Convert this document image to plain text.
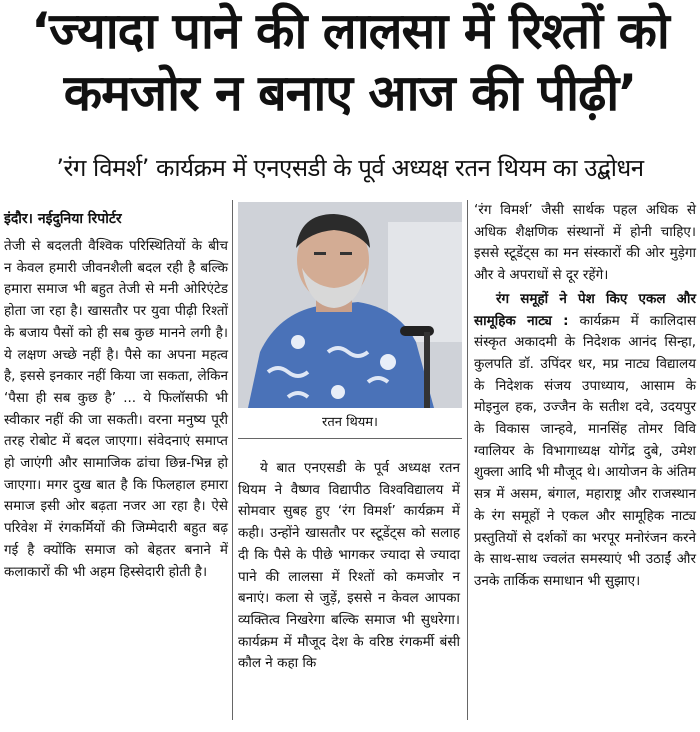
‘ज्यादा पाने की लालसा में रिश्तों को
कमजोर न बनाए आज की पीढ़ी’
’रंग विमर्श’ कार्यक्रम में एनएसडी के पूर्व अध्यक्ष रतन थियम का उद्बोधन
इंदौर। नईदुनिया रिपोर्टर

तेजी से बदलती वैश्विक परिस्थितियों के बीच न केवल हमारी जीवनशैली बदल रही है बल्कि हमारा समाज भी बहुत तेजी से मनी ओरिएंटेड होता जा रहा है। खासतौर पर युवा पीढ़ी रिश्तों के बजाय पैसों को ही सब कुछ मानने लगी है। ये लक्षण अच्छे नहीं है। पैसे का अपना महत्व है, इससे इनकार नहीं किया जा सकता, लेकिन ‘पैसा ही सब कुछ है’ ... ये फिलॉसफी भी स्वीकार नहीं की जा सकती। वरना मनुष्य पूरी तरह रोबोट में बदल जाएगा। संवेदनाएं समाप्त हो जाएंगी और सामाजिक ढांचा छिन्न-भिन्न हो जाएगा। मगर दुख बात है कि फिलहाल हमारा समाज इसी ओर बढ़ता नजर आ रहा है। ऐसे परिवेश में रंगकर्मियों की जिम्मेदारी बहुत बढ़ गई है क्योंकि समाज को बेहतर बनाने में कलाकारों की भी अहम हिस्सेदारी होती है।

रतन थियम।

ये बात एनएसडी के पूर्व अध्यक्ष रतन थियम ने वैष्णव विद्यापीठ विश्वविद्यालय में सोमवार सुबह हुए ‘रंग विमर्श’ कार्यक्रम में कही। उन्होंने खासतौर पर स्टूडेंट्स को सलाह दी कि पैसे के पीछे भागकर ज्यादा से ज्यादा पाने की लालसा में रिश्तों को कमजोर न बनाएं। कला से जुड़ें, इससे न केवल आपका व्यक्तित्व निखरेगा बल्कि समाज भी सुधरेगा। कार्यक्रम में मौजूद देश के वरिष्ठ रंगकर्मी बंसी कौल ने कहा कि

‘रंग विमर्श’ जैसी सार्थक पहल अधिक से अधिक शैक्षणिक संस्थानों में होनी चाहिए। इससे स्टूडेंट्स का मन संस्कारों की ओर मुड़ेगा और वे अपराधों से दूर रहेंगे।

रंग समूहों ने पेश किए एकल और सामूहिक नाट्य : कार्यक्रम में कालिदास संस्कृत अकादमी के निदेशक आनंद सिन्हा, कुलपति डॉ. उपिंदर धर, मप्र नाट्य विद्यालय के निदेशक संजय उपाध्याय, आसाम के मोइनुल हक, उज्जैन के सतीश दवे, उदयपुर के विकास जान्हवे, मानसिंह तोमर विवि ग्वालियर के विभागाध्यक्ष योगेंद्र दुबे, उमेश शुक्ला आदि भी मौजूद थे। आयोजन के अंतिम सत्र में असम, बंगाल, महाराष्ट्र और राजस्थान के रंग समूहों ने एकल और सामूहिक नाट्य प्रस्तुतियों से दर्शकों का भरपूर मनोरंजन करने के साथ-साथ ज्वलंत समस्याएं भी उठाईं और उनके तार्किक समाधान भी सुझाए।
